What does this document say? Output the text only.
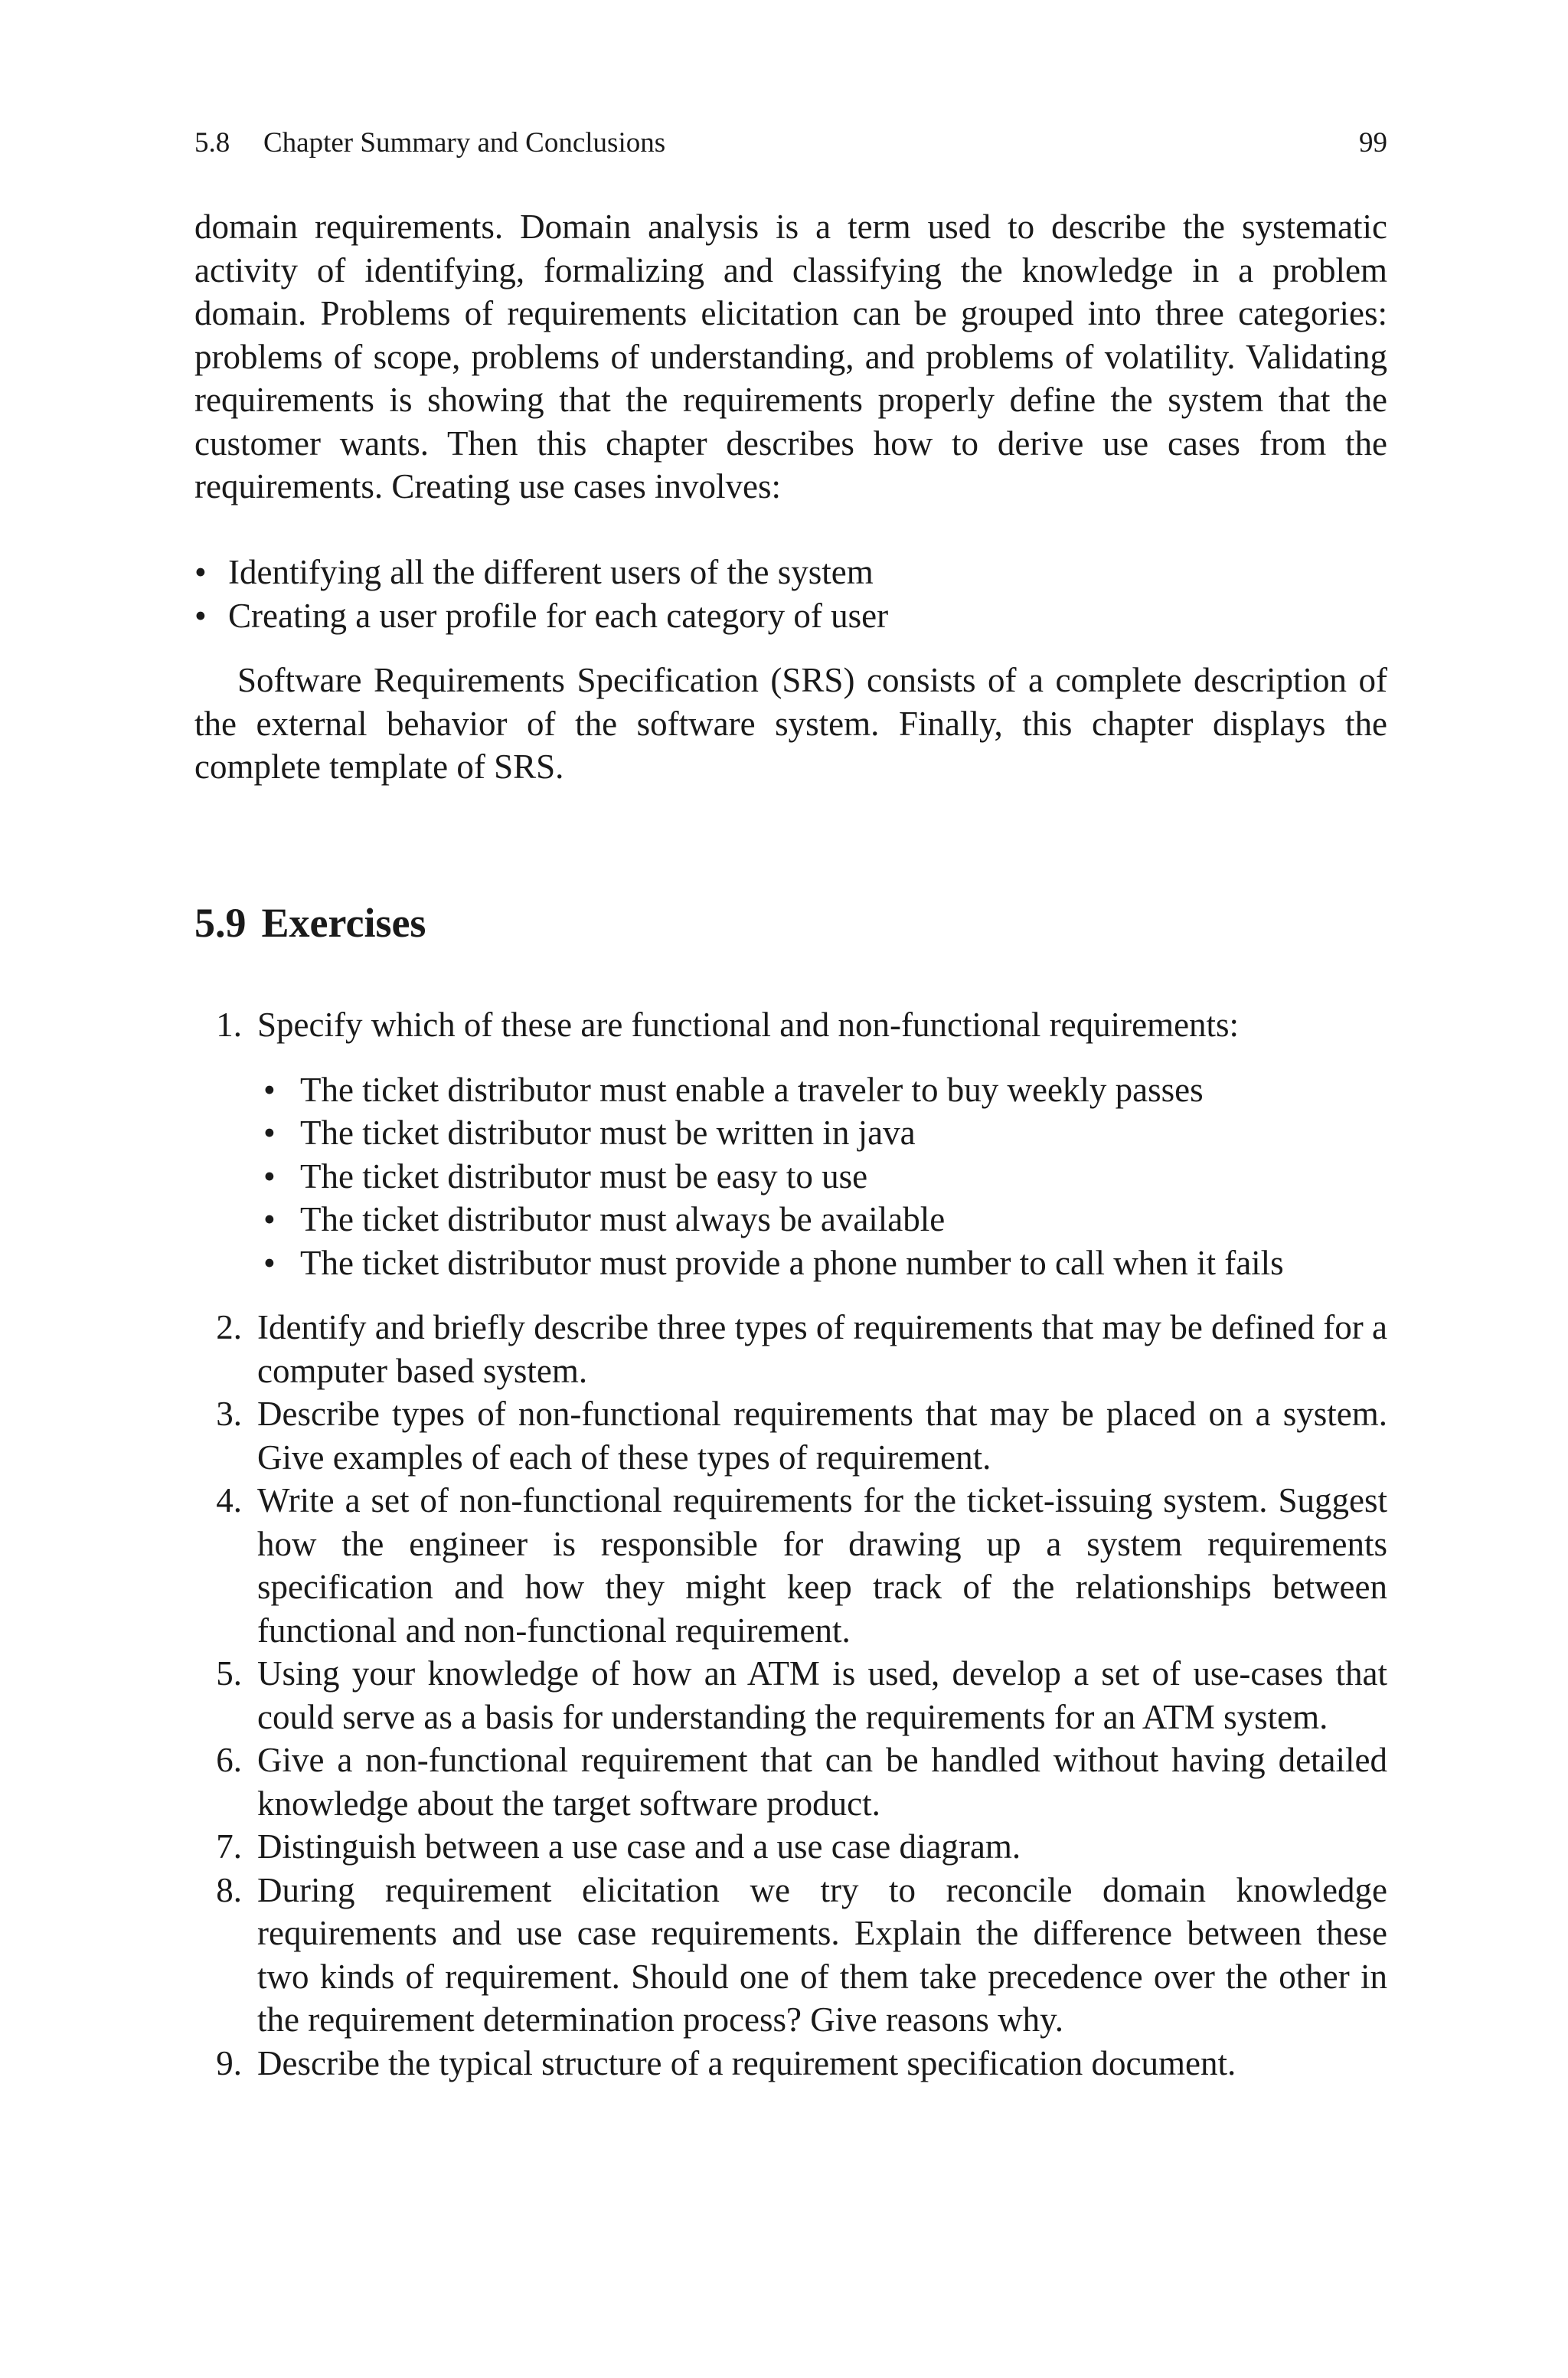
5.8 Chapter Summary and Conclusions	99

domain requirements. Domain analysis is a term used to describe the systematic activity of identifying, formalizing and classifying the knowledge in a problem domain. Problems of requirements elicitation can be grouped into three categories: problems of scope, problems of understanding, and problems of volatility. Validating requirements is showing that the requirements properly define the system that the customer wants. Then this chapter describes how to derive use cases from the requirements. Creating use cases involves:

• Identifying all the different users of the system
• Creating a user profile for each category of user

Software Requirements Specification (SRS) consists of a complete description of the external behavior of the software system. Finally, this chapter displays the complete template of SRS.

5.9 Exercises
1. Specify which of these are functional and non-functional requirements:
• The ticket distributor must enable a traveler to buy weekly passes
• The ticket distributor must be written in java
• The ticket distributor must be easy to use
• The ticket distributor must always be available
• The ticket distributor must provide a phone number to call when it fails
2. Identify and briefly describe three types of requirements that may be defined for a computer based system.
3. Describe types of non-functional requirements that may be placed on a system. Give examples of each of these types of requirement.
4. Write a set of non-functional requirements for the ticket-issuing system. Suggest how the engineer is responsible for drawing up a system requirements specification and how they might keep track of the relationships between functional and non-functional requirement.
5. Using your knowledge of how an ATM is used, develop a set of use-cases that could serve as a basis for understanding the requirements for an ATM system.
6. Give a non-functional requirement that can be handled without having detailed knowledge about the target software product.
7. Distinguish between a use case and a use case diagram.
8. During requirement elicitation we try to reconcile domain knowledge requirements and use case requirements. Explain the difference between these two kinds of requirement. Should one of them take precedence over the other in the requirement determination process? Give reasons why.
9. Describe the typical structure of a requirement specification document.
